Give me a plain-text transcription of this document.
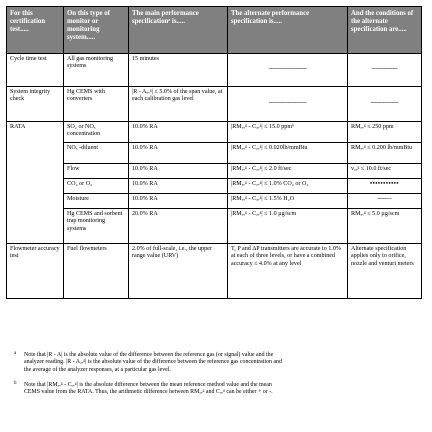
For this certification test.....	On this type of monitor or monitoring system.....	The main performance specificationᵃ is.....	The alternate performance specification is.....	And the conditions of the alternate specification are.....
Cycle time test	All gas monitoring systems	15 minutes	----------------------	---------------
System integrity check	Hg CEMS with converters	|R - Aₐᵥᵍ| ≤ 5.0% of the span value, at each calibration gas level	----------------------	----------------
RATA	SO₂ or NOₓ concentration	10.0% RA	|RMₐᵥᵍ - Cₐᵥᵍ| ≤ 15.0 ppmᵇ	RMₐᵥᵍ ≤ 250 ppm
	NOₓ -diluent	10.0% RA	|RMₐᵥᵍ - Cₐᵥᵍ| ≤ 0.020lb/mmBtu	RMₐᵥᵍ ≤ 0.200 lb/mmBtu
	Flow	10.0% RA	|RMₐᵥᵍ - Cₐᵥᵍ| ≤ 2.0 ft/sec	vₐᵥᵍ ≤ 10.0 ft/sec
	CO₂ or O₂	10.0% RA	|RMₐᵥᵍ - Cₐᵥᵍ| ≤ 1.0% CO₂ or O₂	•••••••••••
	Moisture	10.0% RA	|RMₐᵥᵍ - Cₐᵥᵍ| ≤ 1.5% H₂O	--------
	Hg CEMS and sorbent trap monitoring systems	20.0% RA	|RMₐᵥᵍ - Cₐᵥᵍ| ≤ 1.0 µg/scm	RMₐᵥᵍ ≤ 5.0 µg/scm
Flowmeter accuracy test	Fuel flowmeters	2.0% of full-scale, i.e., the upper range value (URV)	T, P and ΔP transmitters are accurate to 1.0% at each of three levels, or have a combined accuracy ≤ 4.0% at any level	Alternate specification applies only to orifice, nozzle and venturi meters
a Note that |R - A| is the absolute value of the difference between the reference gas (or signal) value and the
analyzer reading. |R - Aₐᵥᵍ| is the absolute value of the difference between the reference gas concentration and
the average of the analyzer responses, at a particular gas level.
b Note that |RMₐᵥᵍ - Cₐᵥᵍ| is the absolute difference between the mean reference method value and the mean
CEMS value from the RATA. Thus, the arithmetic difference between RMₐᵥᵍ and Cₐᵥᵍ can be either + or -.
